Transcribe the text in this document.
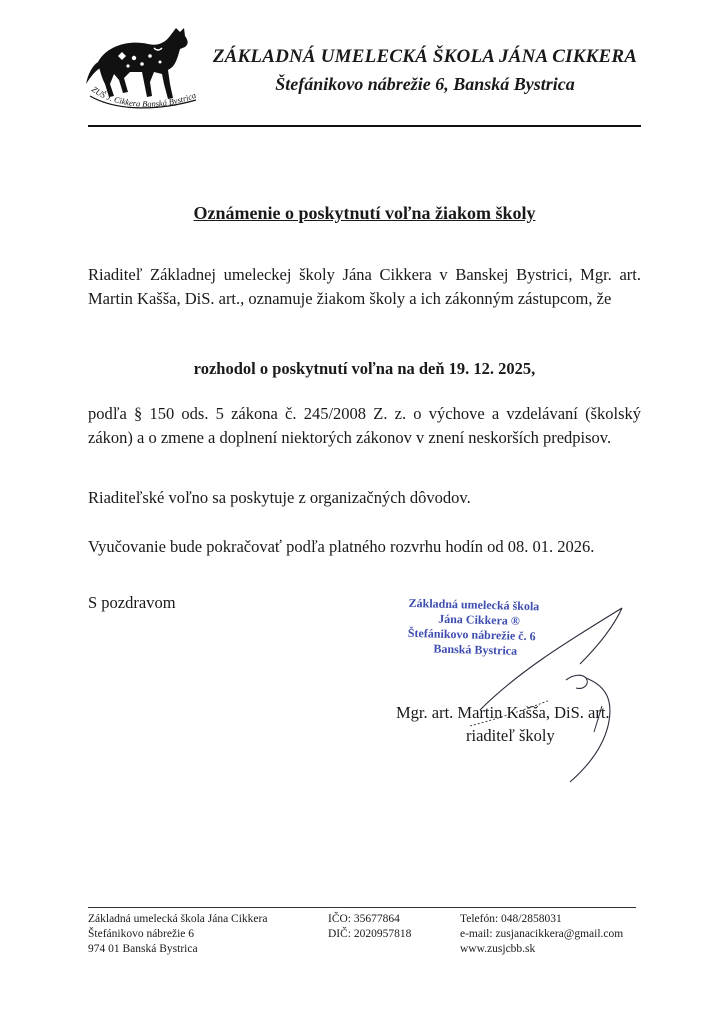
ZUŠ J. Cikkera Banská Bystrica
ZÁKLADNÁ UMELECKÁ ŠKOLA JÁNA CIKKERA
Štefánikovo nábrežie 6, Banská Bystrica
Oznámenie o poskytnutí voľna žiakom školy
Riaditeľ Základnej umeleckej školy Jána Cikkera v Banskej Bystrici, Mgr. art. Martin Kašša, DiS. art., oznamuje žiakom školy a ich zákonným zástupcom, že
rozhodol o poskytnutí voľna na deň 19. 12. 2025,
podľa § 150 ods. 5 zákona č. 245/2008 Z. z. o výchove a vzdelávaní (školský zákon) a o zmene a doplnení niektorých zákonov v znení neskorších predpisov.
Riaditeľské voľno sa poskytuje z organizačných dôvodov.
Vyučovanie bude pokračovať podľa platného rozvrhu hodín od 08. 01. 2026.
S pozdravom	Základná umelecká škola
Jána Cikkera ®
Štefánikovo nábrežie č. 6
Banská Bystrica
Mgr. art. Martin Kašša, DiS. art.
riaditeľ školy
Základná umelecká škola Jána Cikkera
Štefánikovo nábrežie 6
974 01 Banská Bystrica
IČO: 35677864
DIČ: 2020957818
Telefón: 048/2858031
e-mail: zusjanacikkera@gmail.com
www.zusjcbb.sk
